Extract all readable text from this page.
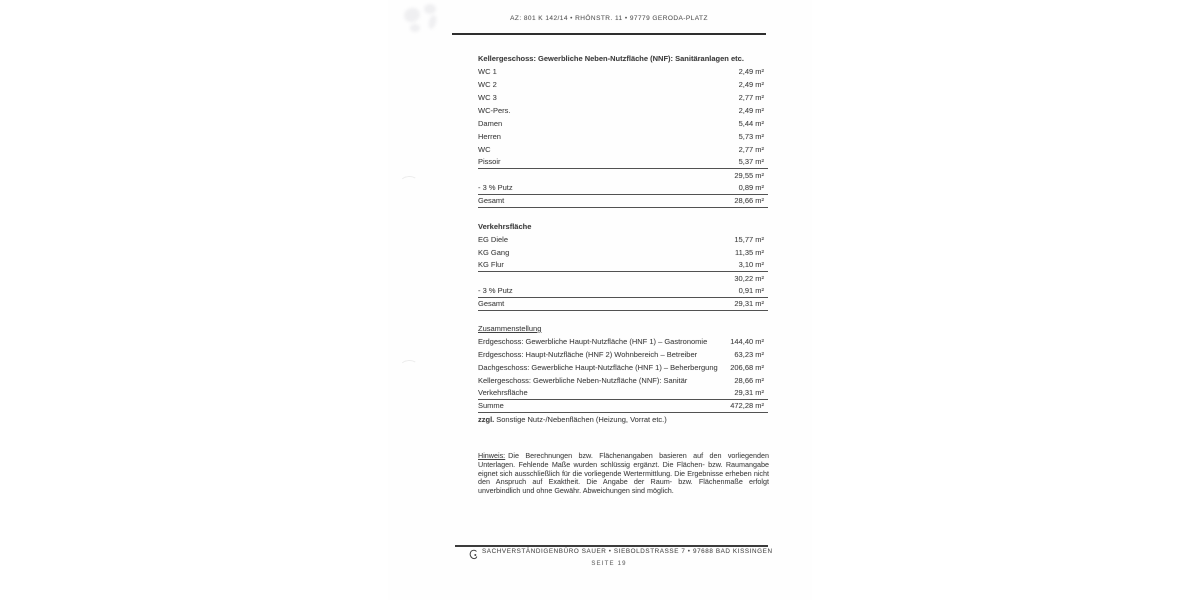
AZ: 801 K 142/14 • RHÖNSTR. 11 • 97779 GERODA-PLATZ
Kellergeschoss: Gewerbliche Neben-Nutzfläche (NNF): Sanitäranlagen etc.
WC 1	2,49 m²
WC 2	2,49 m²
WC 3	2,77 m²
WC-Pers.	2,49 m²
Damen	5,44 m²
Herren	5,73 m²
WC	2,77 m²
Pissoir	5,37 m²
29,55 m²
- 3 % Putz	0,89 m²
Gesamt	28,66 m²
Verkehrsfläche
EG Diele	15,77 m²
KG Gang	11,35 m²
KG Flur	3,10 m²
30,22 m²
- 3 % Putz	0,91 m²
Gesamt	29,31 m²
Zusammenstellung
Erdgeschoss: Gewerbliche Haupt-Nutzfläche (HNF 1) – Gastronomie	144,40 m²
Erdgeschoss: Haupt-Nutzfläche (HNF 2) Wohnbereich – Betreiber	63,23 m²
Dachgeschoss: Gewerbliche Haupt-Nutzfläche (HNF 1) – Beherbergung 206,68 m²
Kellergeschoss: Gewerbliche Neben-Nutzfläche (NNF): Sanitär	28,66 m²
Verkehrsfläche	29,31 m²
Summe	472,28 m²
zzgl. Sonstige Nutz-/Nebenflächen (Heizung, Vorrat etc.)
Hinweis: Die Berechnungen bzw. Flächenangaben basieren auf den vorliegenden Unterlagen. Fehlende Maße wurden schlüssig ergänzt. Die Flächen- bzw. Raumangabe eignet sich ausschließlich für die vorliegende Wertermittlung. Die Ergebnisse erheben nicht den Anspruch auf Exaktheit. Die Angabe der Raum- bzw. Flächenmaße erfolgt unverbindlich und ohne Gewähr. Abweichungen sind möglich.
SACHVERSTÄNDIGENBÜRO SAUER • SIEBOLDSTRASSE 7 • 97688 BAD KISSINGEN
SEITE 19
